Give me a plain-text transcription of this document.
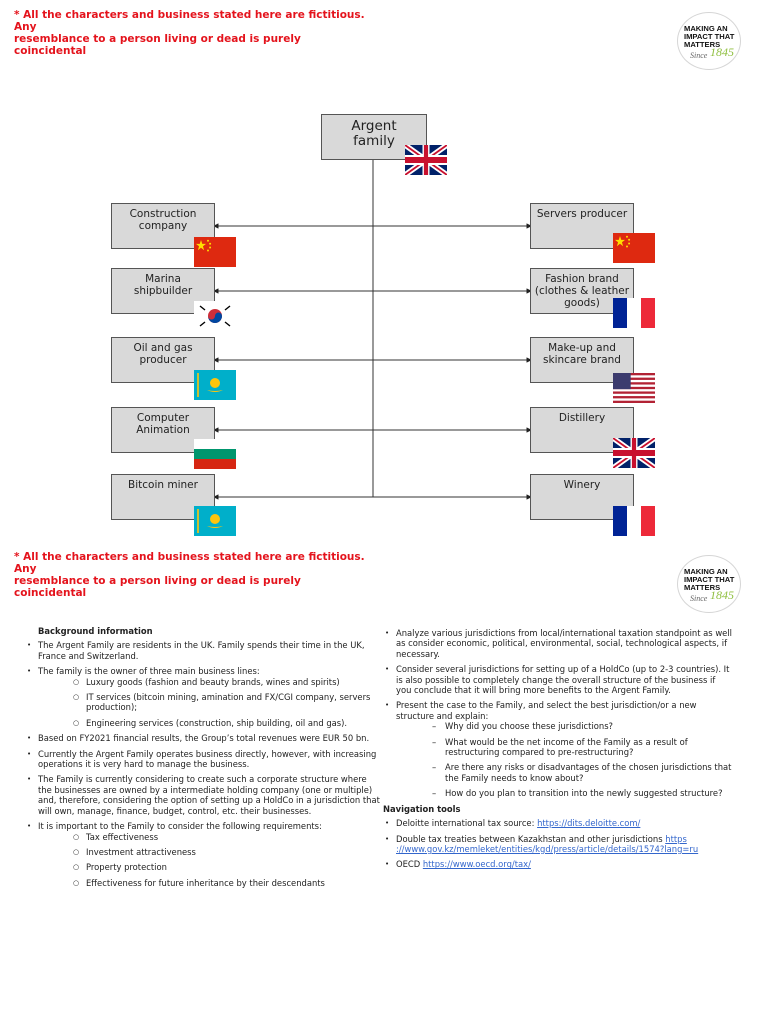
* All the characters and business stated here are fictitious. Any
resemblance to a person living or dead is purely coincidental
* All the characters and business stated here are fictitious. Any
resemblance to a person living or dead is purely coincidental
MAKING AN
IMPACT THAT
MATTERS
Since 1845
MAKING AN
IMPACT THAT
MATTERS
Since 1845
Argent
family
Construction
company
Marina
shipbuilder
Oil and gas
producer
Computer
Animation
Bitcoin miner
Servers producer
Fashion brand
(clothes & leather
goods)
Make-up and
skincare brand
Distillery
Winery
Background information
• The Argent Family are residents in the UK. Family spends their time in the UK, France and Switzerland.
• The family is the owner of three main business lines:
○ Luxury goods (fashion and beauty brands, wines and spirits)
○ IT services (bitcoin mining, amination and FX/CGI company, servers production);
○ Engineering services (construction, ship building, oil and gas).
• Based on FY2021 financial results, the Group’s total revenues were EUR 50 bn.
• Currently the Argent Family operates business directly, however, with increasing operations it is very hard to manage the business.
• The Family is currently considering to create such a corporate structure where the businesses are owned by a intermediate holding company (one or multiple) and, therefore, considering the option of setting up a HoldCo in a jurisdiction that will own, manage, finance, budget, control, etc. their businesses.
• It is important to the Family to consider the following requirements:
○ Tax effectiveness
○ Investment attractiveness
○ Property protection
○ Effectiveness for future inheritance by their descendants
• Analyze various jurisdictions from local/international taxation standpoint as well as consider economic, political, environmental, social, technological aspects, if necessary.
• Consider several jurisdictions for setting up of a HoldCo (up to 2-3 countries). It is also possible to completely change the overall structure of the business if you conclude that it will bring more benefits to the Argent Family.
• Present the case to the Family, and select the best jurisdiction/or a new structure and explain:
– Why did you choose these jurisdictions?
– What would be the net income of the Family as a result of restructuring compared to pre-restructuring?
– Are there any risks or disadvantages of the chosen jurisdictions that the Family needs to know about?
– How do you plan to transition into the newly suggested structure?
Navigation tools
• Deloitte international tax source: https://dits.deloitte.com/
• Double tax treaties between Kazakhstan and other jurisdictions https ://www.gov.kz/memleket/entities/kgd/press/article/details/1574?lang=ru
• OECD https://www.oecd.org/tax/
